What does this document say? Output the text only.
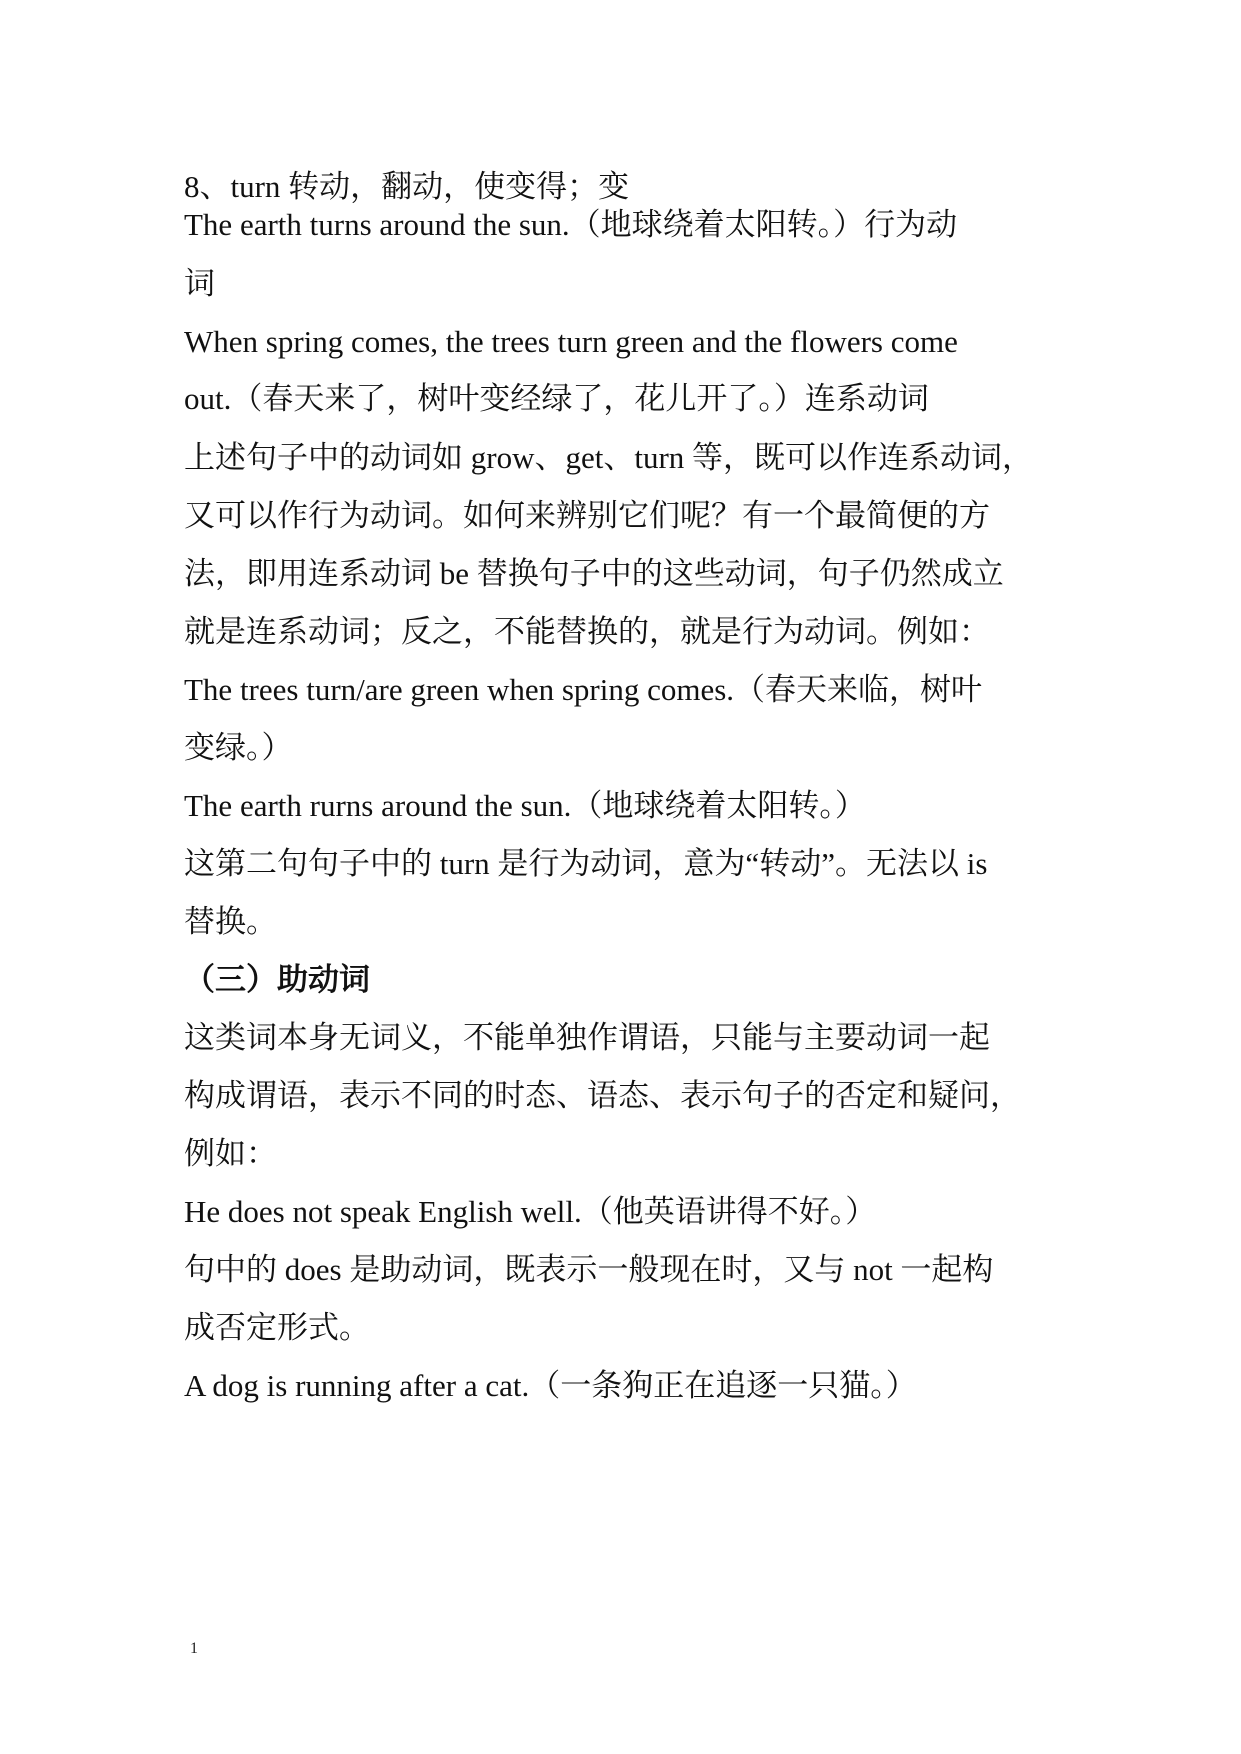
8、turn 转动，翻动，使变得；变
The earth turns around the sun.（地球绕着太阳转。）行为动
词
When spring comes, the trees turn green and the flowers come
out.（春天来了，树叶变经绿了，花儿开了。）连系动词
上述句子中的动词如 grow、get、turn 等，既可以作连系动词，
又可以作行为动词。如何来辨别它们呢？有一个最简便的方
法，即用连系动词 be 替换句子中的这些动词，句子仍然成立
就是连系动词；反之，不能替换的，就是行为动词。例如：
The trees turn/are green when spring comes.（春天来临，树叶
变绿。）
The earth rurns around the sun.（地球绕着太阳转。）
这第二句句子中的 turn 是行为动词，意为“转动”。无法以 is
替换。
（三）助动词
这类词本身无词义，不能单独作谓语，只能与主要动词一起
构成谓语，表示不同的时态、语态、表示句子的否定和疑问，
例如：
He does not speak English well.（他英语讲得不好。）
句中的 does 是助动词，既表示一般现在时，又与 not 一起构
成否定形式。
A dog is running after a cat.（一条狗正在追逐一只猫。）
1
